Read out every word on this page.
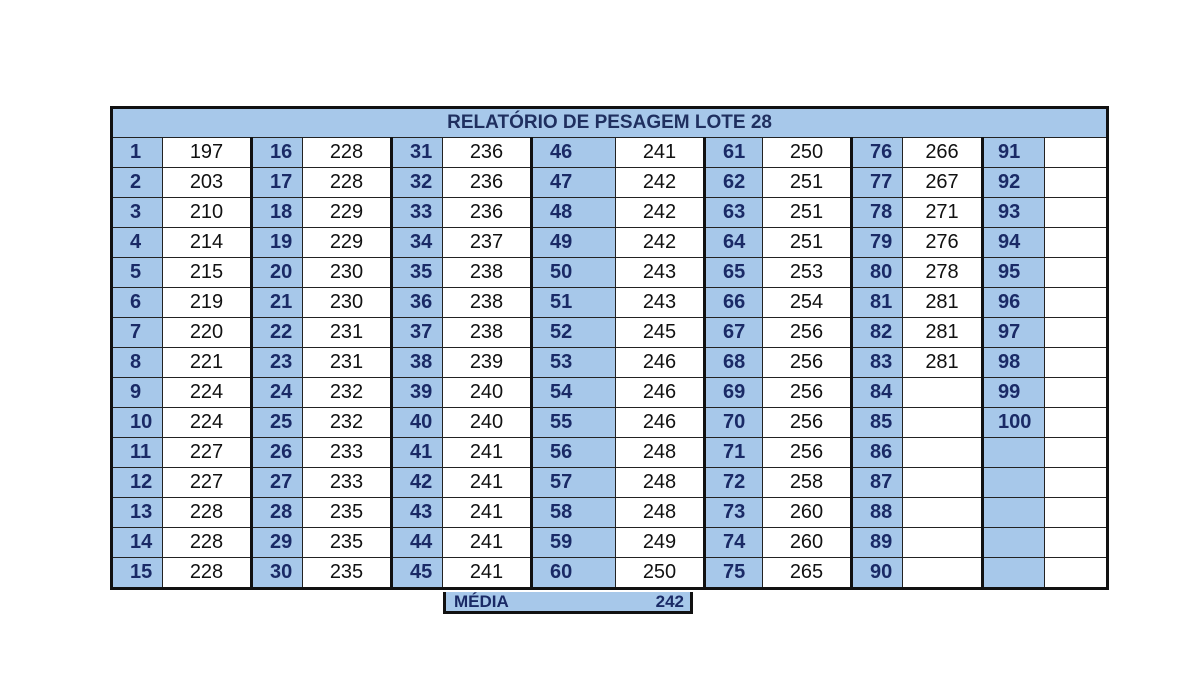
RELATÓRIO DE PESAGEM LOTE 28													
1	197	16	228	31	236	46	241	61	250	76	266	91	
2	203	17	228	32	236	47	242	62	251	77	267	92	
3	210	18	229	33	236	48	242	63	251	78	271	93	
4	214	19	229	34	237	49	242	64	251	79	276	94	
5	215	20	230	35	238	50	243	65	253	80	278	95	
6	219	21	230	36	238	51	243	66	254	81	281	96	
7	220	22	231	37	238	52	245	67	256	82	281	97	
8	221	23	231	38	239	53	246	68	256	83	281	98	
9	224	24	232	39	240	54	246	69	256	84		99	
10	224	25	232	40	240	55	246	70	256	85		100	
11	227	26	233	41	241	56	248	71	256	86			
12	227	27	233	42	241	57	248	72	258	87			
13	228	28	235	43	241	58	248	73	260	88			
14	228	29	235	44	241	59	249	74	260	89			
15	228	30	235	45	241	60	250	75	265	90			
MÉDIA	242
